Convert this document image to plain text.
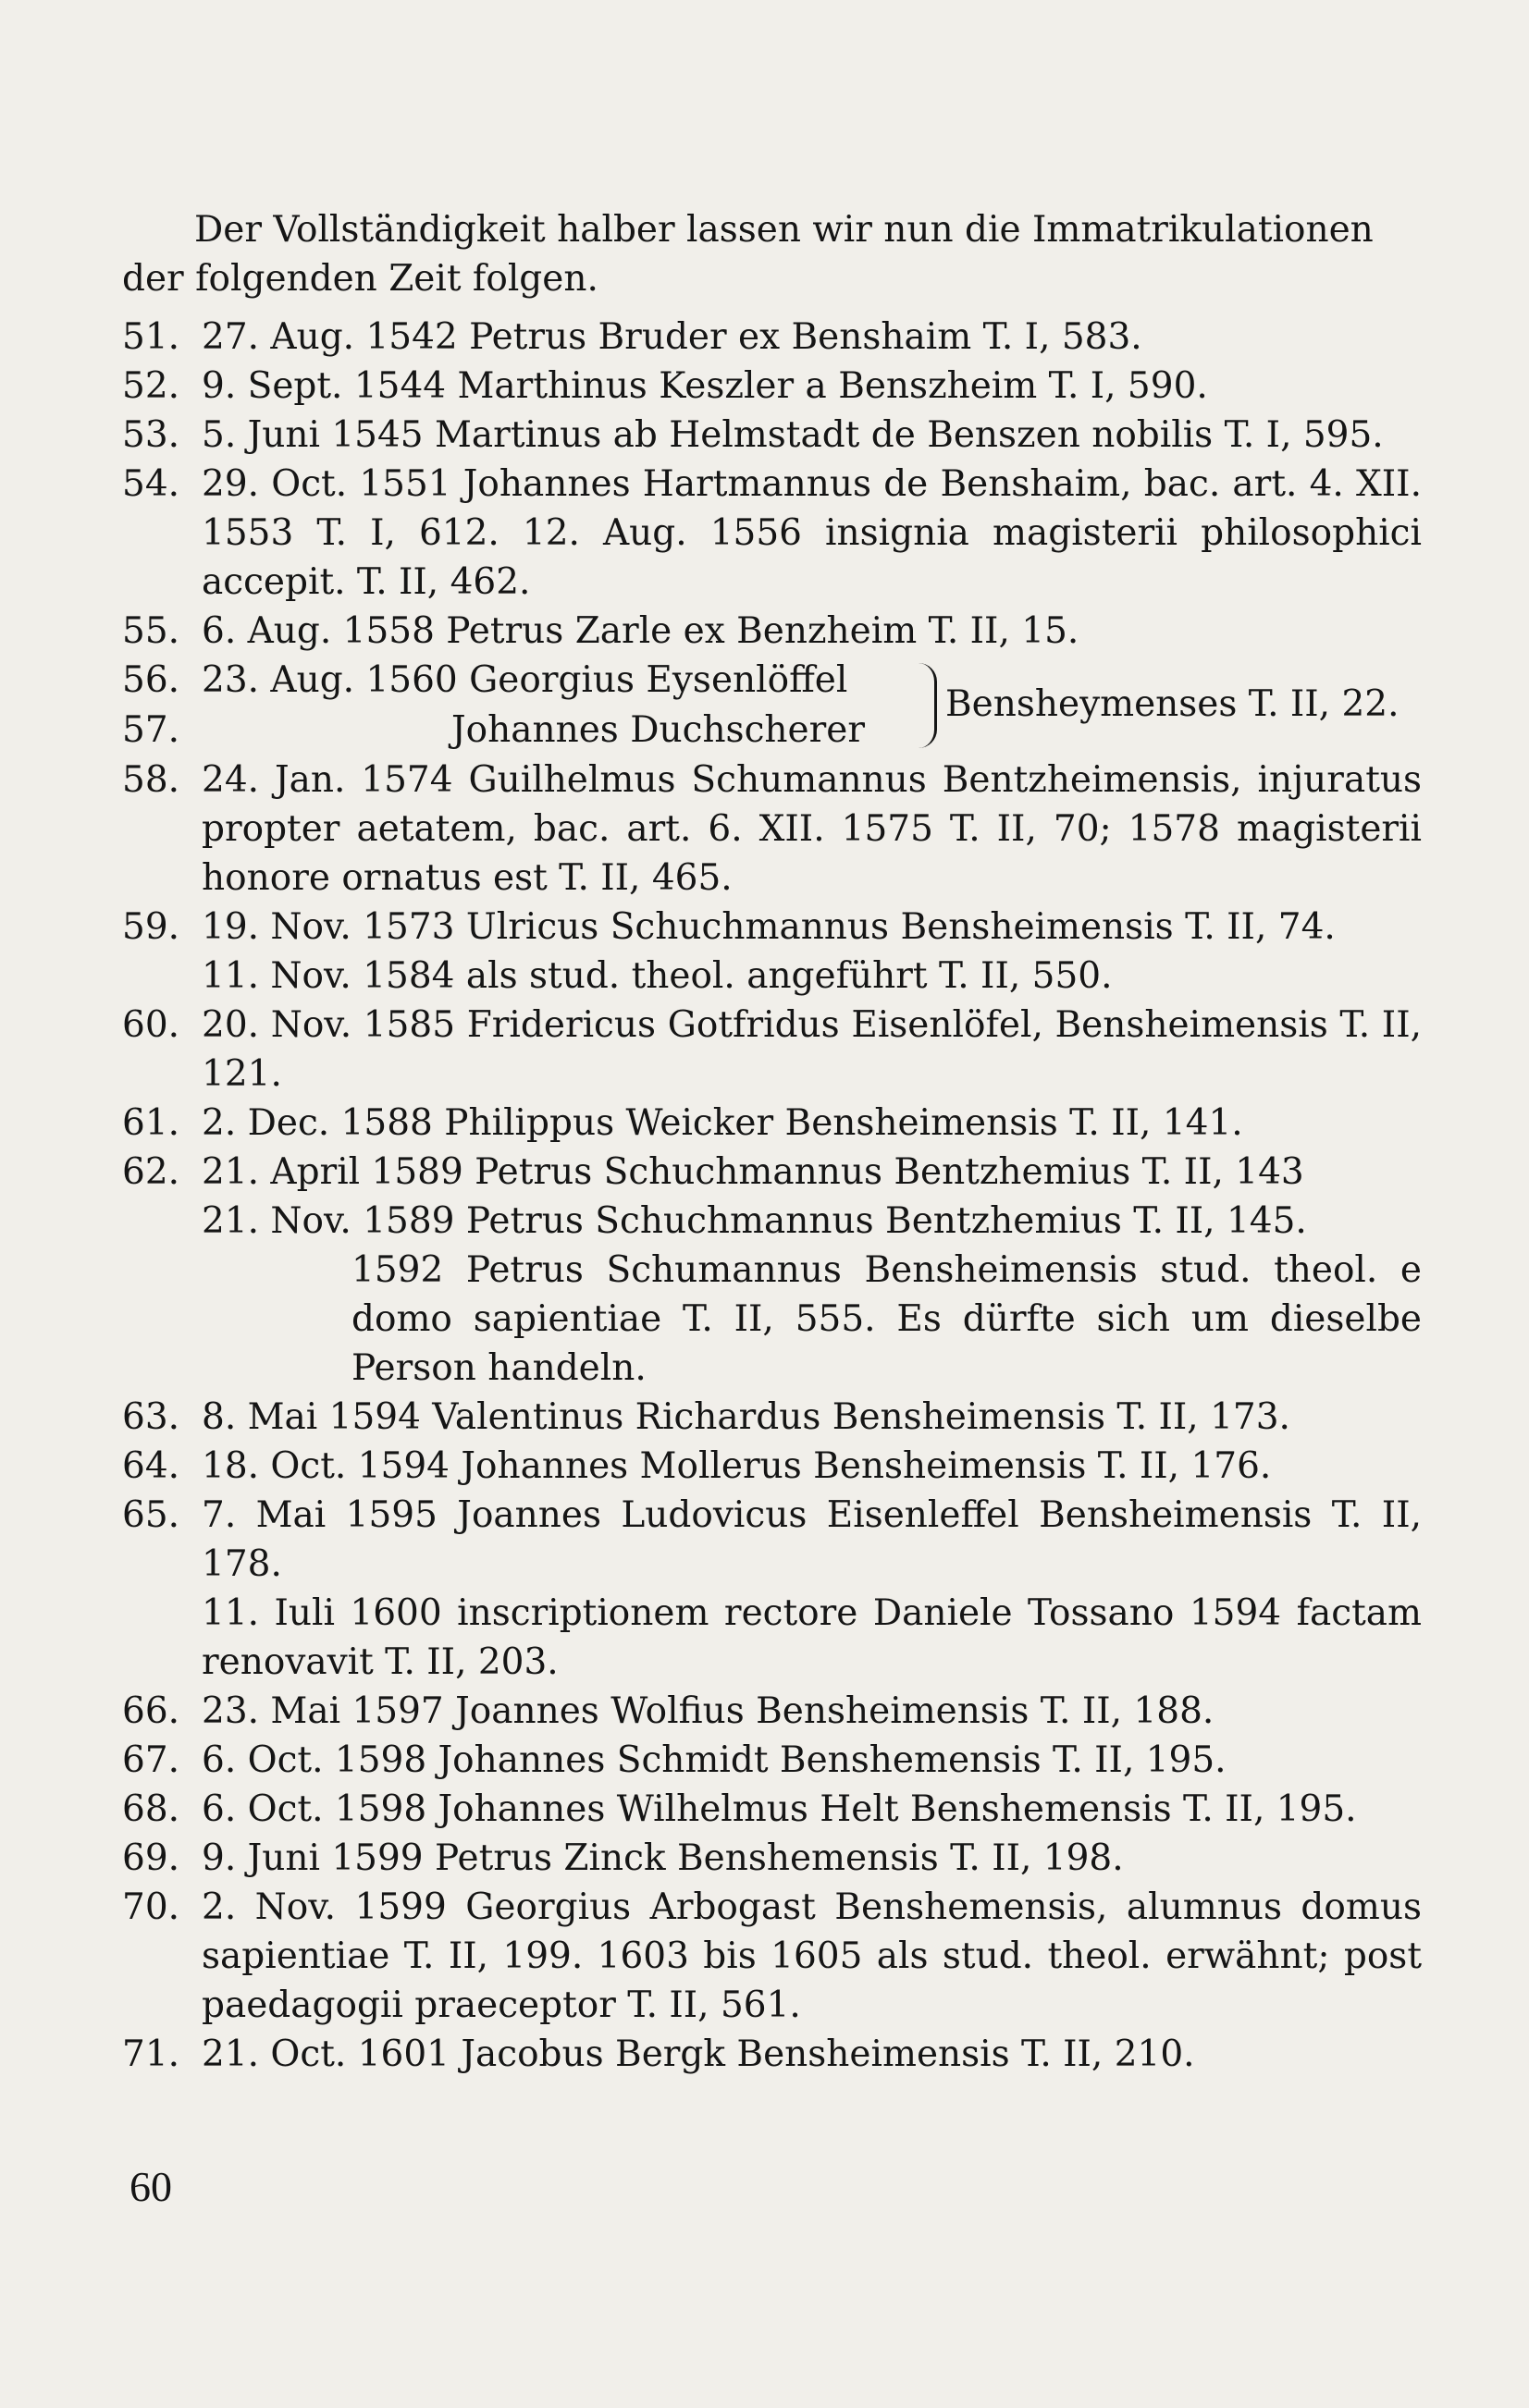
Der Vollständigkeit halber lassen wir nun die Immatrikulationen
der folgenden Zeit folgen.
51. 27. Aug. 1542 Petrus Bruder ex Benshaim T. I, 583.
52. 9. Sept. 1544 Marthinus Keszler a Benszheim T. I, 590.
53. 5. Juni 1545 Martinus ab Helmstadt de Benszen nobilis T. I, 595.
54. 29. Oct. 1551 Johannes Hartmannus de Benshaim, bac. art. 4. XII. 1553 T. I, 612. 12. Aug. 1556 insignia magisterii philosophici accepit. T. II, 462.
55. 6. Aug. 1558 Petrus Zarle ex Benzheim T. II, 15.
56. 23. Aug. 1560 Georgius Eysenlöffel
57.	Johannes Duchscherer
Bensheymenses T. II, 22.
58. 24. Jan. 1574 Guilhelmus Schumannus Bentzheimensis, injuratus propter aetatem, bac. art. 6. XII. 1575 T. II, 70; 1578 magisterii honore ornatus est T. II, 465.
59. 19. Nov. 1573 Ulricus Schuchmannus Bensheimensis T. II, 74.
11. Nov. 1584 als stud. theol. angeführt T. II, 550.
60. 20. Nov. 1585 Fridericus Gotfridus Eisenlöfel, Bensheimensis T. II, 121.
61. 2. Dec. 1588 Philippus Weicker Bensheimensis T. II, 141.
62. 21. April 1589 Petrus Schuchmannus Bentzhemius T. II, 143
21. Nov. 1589 Petrus Schuchmannus Bentzhemius T. II, 145.
1592 Petrus Schumannus Bensheimensis stud. theol. e domo sapientiae T. II, 555. Es dürfte sich um dieselbe Person handeln.
63. 8. Mai 1594 Valentinus Richardus Bensheimensis T. II, 173.
64. 18. Oct. 1594 Johannes Mollerus Bensheimensis T. II, 176.
65. 7. Mai 1595 Joannes Ludovicus Eisenleffel Bensheimensis T. II, 178.
11. Iuli 1600 inscriptionem rectore Daniele Tossano 1594 factam renovavit T. II, 203.
66. 23. Mai 1597 Joannes Wolfius Bensheimensis T. II, 188.
67. 6. Oct. 1598 Johannes Schmidt Benshemensis T. II, 195.
68. 6. Oct. 1598 Johannes Wilhelmus Helt Benshemensis T. II, 195.
69. 9. Juni 1599 Petrus Zinck Benshemensis T. II, 198.
70. 2. Nov. 1599 Georgius Arbogast Benshemensis, alumnus domus sapientiae T. II, 199. 1603 bis 1605 als stud. theol. erwähnt; post paedagogii praeceptor T. II, 561.
71. 21. Oct. 1601 Jacobus Bergk Bensheimensis T. II, 210.
60
